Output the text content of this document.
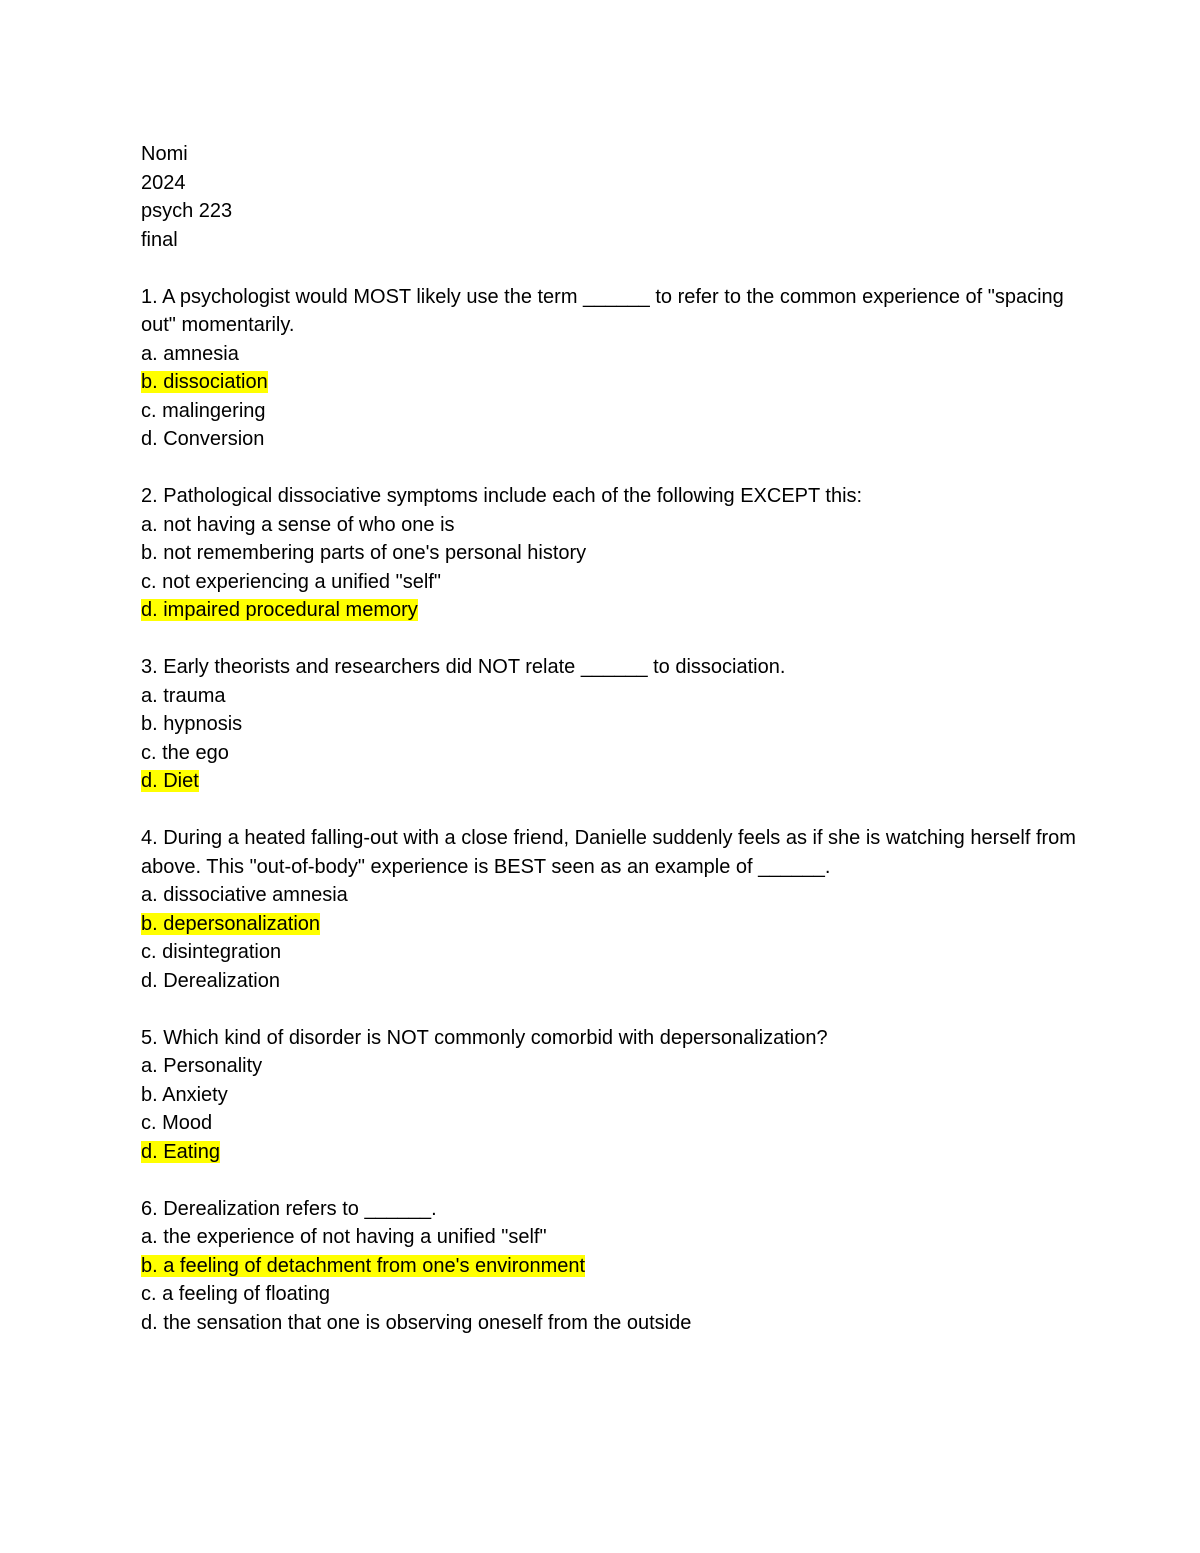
Nomi
2024
psych 223
final
1. A psychologist would MOST likely use the term ______ to refer to the common experience of "spacing out" momentarily.
a. amnesia
b. dissociation
c. malingering
d. Conversion
2. Pathological dissociative symptoms include each of the following EXCEPT this:
a. not having a sense of who one is
b. not remembering parts of one's personal history
c. not experiencing a unified "self"
d. impaired procedural memory
3. Early theorists and researchers did NOT relate ______ to dissociation.
a. trauma
b. hypnosis
c. the ego
d. Diet
4. During a heated falling-out with a close friend, Danielle suddenly feels as if she is watching herself from above. This "out-of-body" experience is BEST seen as an example of ______.
a. dissociative amnesia
b. depersonalization
c. disintegration
d. Derealization
5. Which kind of disorder is NOT commonly comorbid with depersonalization?
a. Personality
b. Anxiety
c. Mood
d. Eating
6. Derealization refers to ______.
a. the experience of not having a unified "self"
b. a feeling of detachment from one's environment
c. a feeling of floating
d. the sensation that one is observing oneself from the outside
